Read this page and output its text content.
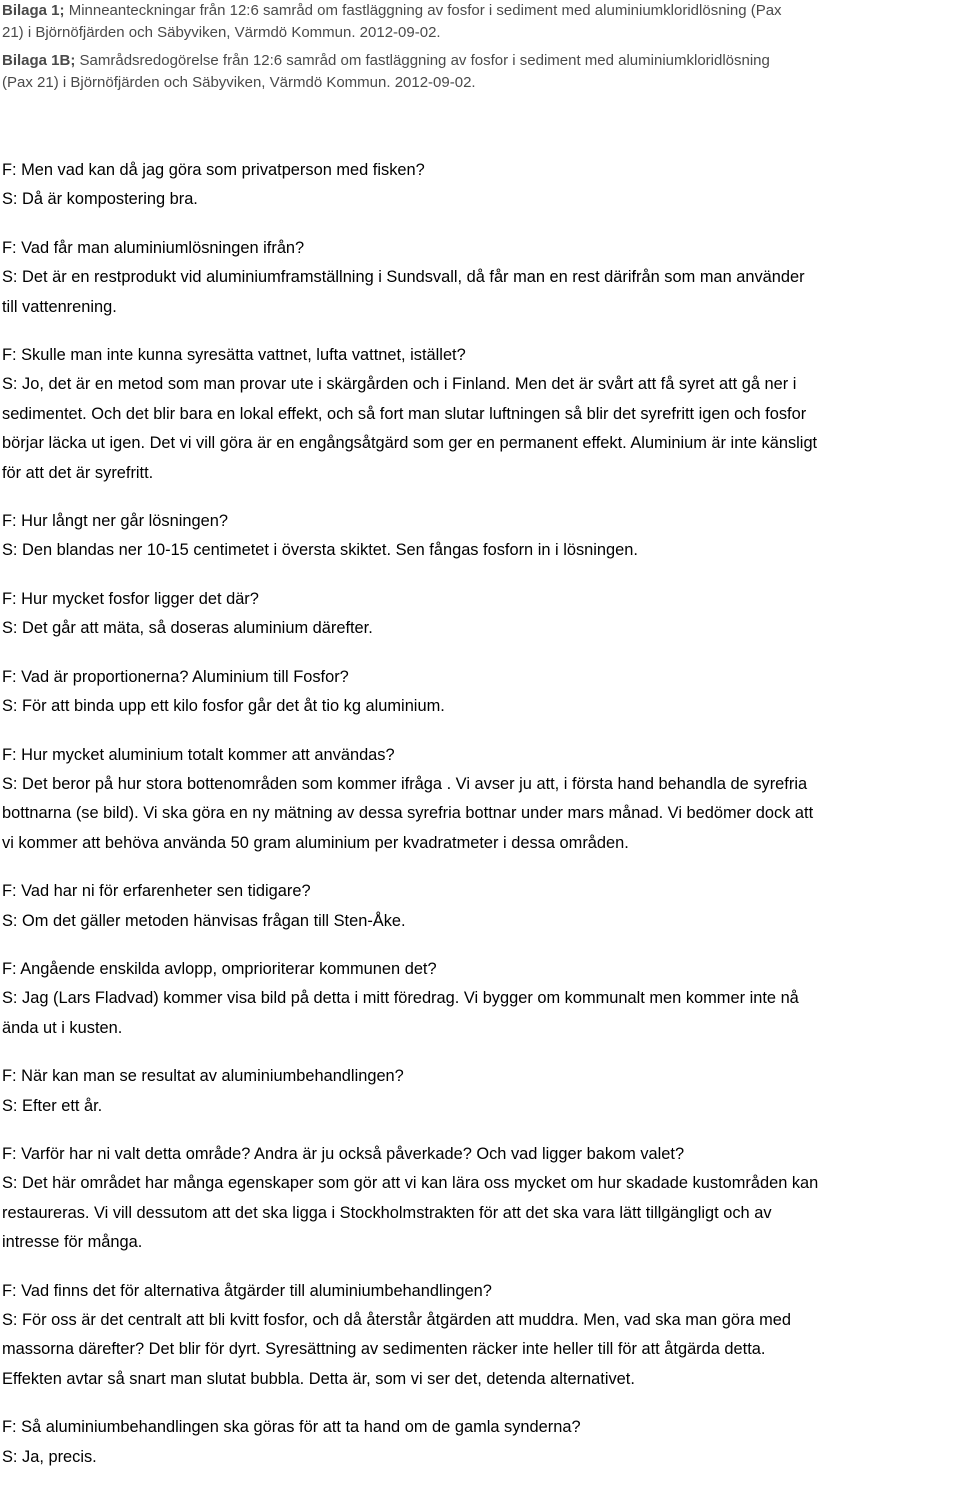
Bilaga 1; Minneanteckningar från 12:6 samråd om fastläggning av fosfor i sediment med aluminiumkloridlösning (Pax
21) i Björnöfjärden och Säbyviken, Värmdö Kommun. 2012-09-02.
Bilaga 1B; Samrådsredogörelse från 12:6 samråd om fastläggning av fosfor i sediment med aluminiumkloridlösning
(Pax 21) i Björnöfjärden och Säbyviken, Värmdö Kommun. 2012-09-02.

F: Men vad kan då jag göra som privatperson med fisken?

S: Då är kompostering bra.

F: Vad får man aluminiumlösningen ifrån?

S: Det är en restprodukt vid aluminiumframställning i Sundsvall, då får man en rest därifrån som man använder

till vattenrening.

F: Skulle man inte kunna syresätta vattnet, lufta vattnet, istället?

S: Jo, det är en metod som man provar ute i skärgården och i Finland. Men det är svårt att få syret att gå ner i

sedimentet. Och det blir bara en lokal effekt, och så fort man slutar luftningen så blir det syrefritt igen och fosfor

börjar läcka ut igen. Det vi vill göra är en engångsåtgärd som ger en permanent effekt. Aluminium är inte känsligt

för att det är syrefritt.

F: Hur långt ner går lösningen?

S: Den blandas ner 10-15 centimetet i översta skiktet. Sen fångas fosforn in i lösningen.

F: Hur mycket fosfor ligger det där?

S: Det går att mäta, så doseras aluminium därefter.

F: Vad är proportionerna? Aluminium till Fosfor?

S: För att binda upp ett kilo fosfor går det åt tio kg aluminium.

F: Hur mycket aluminium totalt kommer att användas?

S: Det beror på hur stora bottenområden som kommer ifråga . Vi avser ju att, i första hand behandla de syrefria

bottnarna (se bild). Vi ska göra en ny mätning av dessa syrefria bottnar under mars månad. Vi bedömer dock att

vi kommer att behöva använda 50 gram aluminium per kvadratmeter i dessa områden.

F: Vad har ni för erfarenheter sen tidigare?

S: Om det gäller metoden hänvisas frågan till Sten-Åke.

F: Angående enskilda avlopp, omprioriterar kommunen det?

S: Jag (Lars Fladvad) kommer visa bild på detta i mitt föredrag. Vi bygger om kommunalt men kommer inte nå

ända ut i kusten.

F: När kan man se resultat av aluminiumbehandlingen?

S: Efter ett år.

F: Varför har ni valt detta område? Andra är ju också påverkade? Och vad ligger bakom valet?

S: Det här området har många egenskaper som gör att vi kan lära oss mycket om hur skadade kustområden kan

restaureras. Vi vill dessutom att det ska ligga i Stockholmstrakten för att det ska vara lätt tillgängligt och av

intresse för många.

F: Vad finns det för alternativa åtgärder till aluminiumbehandlingen?

S: För oss är det centralt att bli kvitt fosfor, och då återstår åtgärden att muddra. Men, vad ska man göra med

massorna därefter? Det blir för dyrt. Syresättning av sedimenten räcker inte heller till för att åtgärda detta.

Effekten avtar så snart man slutat bubbla. Detta är, som vi ser det, detenda alternativet.

F: Så aluminiumbehandlingen ska göras för att ta hand om de gamla synderna?

S: Ja, precis.
